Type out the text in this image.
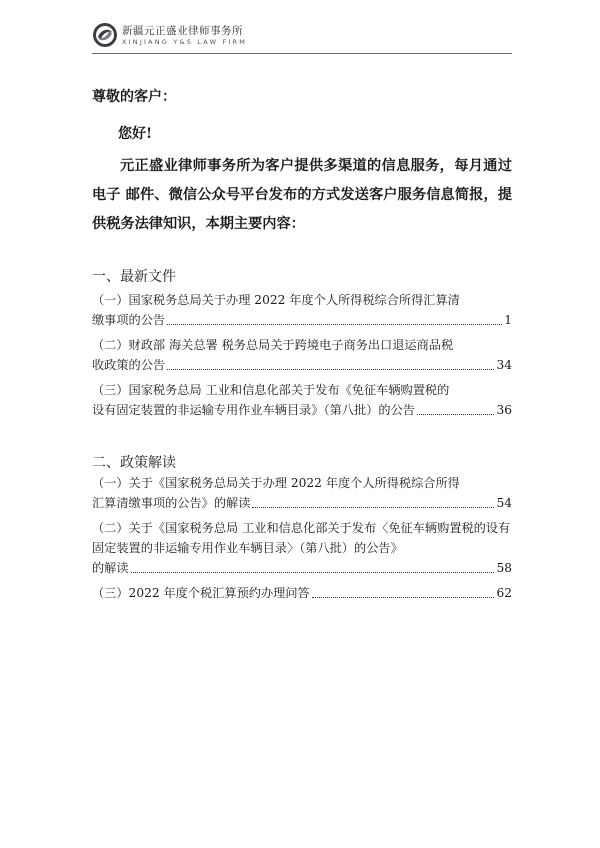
新疆元正盛业律师事务所
XINJIANG Y&S LAW FIRM
尊敬的客户：
您好!
元正盛业律师事务所为客户提供多渠道的信息服务，每月通过电子 邮件、微信公众号平台发布的方式发送客户服务信息简报，提供税务法律知识，本期主要内容：
一、最新文件
（一）国家税务总局关于办理 2022 年度个人所得税综合所得汇算清
缴事项的公告	1
（二）财政部 海关总署 税务总局关于跨境电子商务出口退运商品税
收政策的公告	34
（三）国家税务总局 工业和信息化部关于发布《免征车辆购置税的
设有固定装置的非运输专用作业车辆目录》（第八批）的公告	36
二、政策解读
（一）关于《国家税务总局关于办理 2022 年度个人所得税综合所得
汇算清缴事项的公告》的解读	54
（二）关于《国家税务总局 工业和信息化部关于发布〈免征车辆购置税的设有固定装置的非运输专用作业车辆目录〉（第八批）的公告》
的解读	58
（三）2022 年度个税汇算预约办理问答	62
